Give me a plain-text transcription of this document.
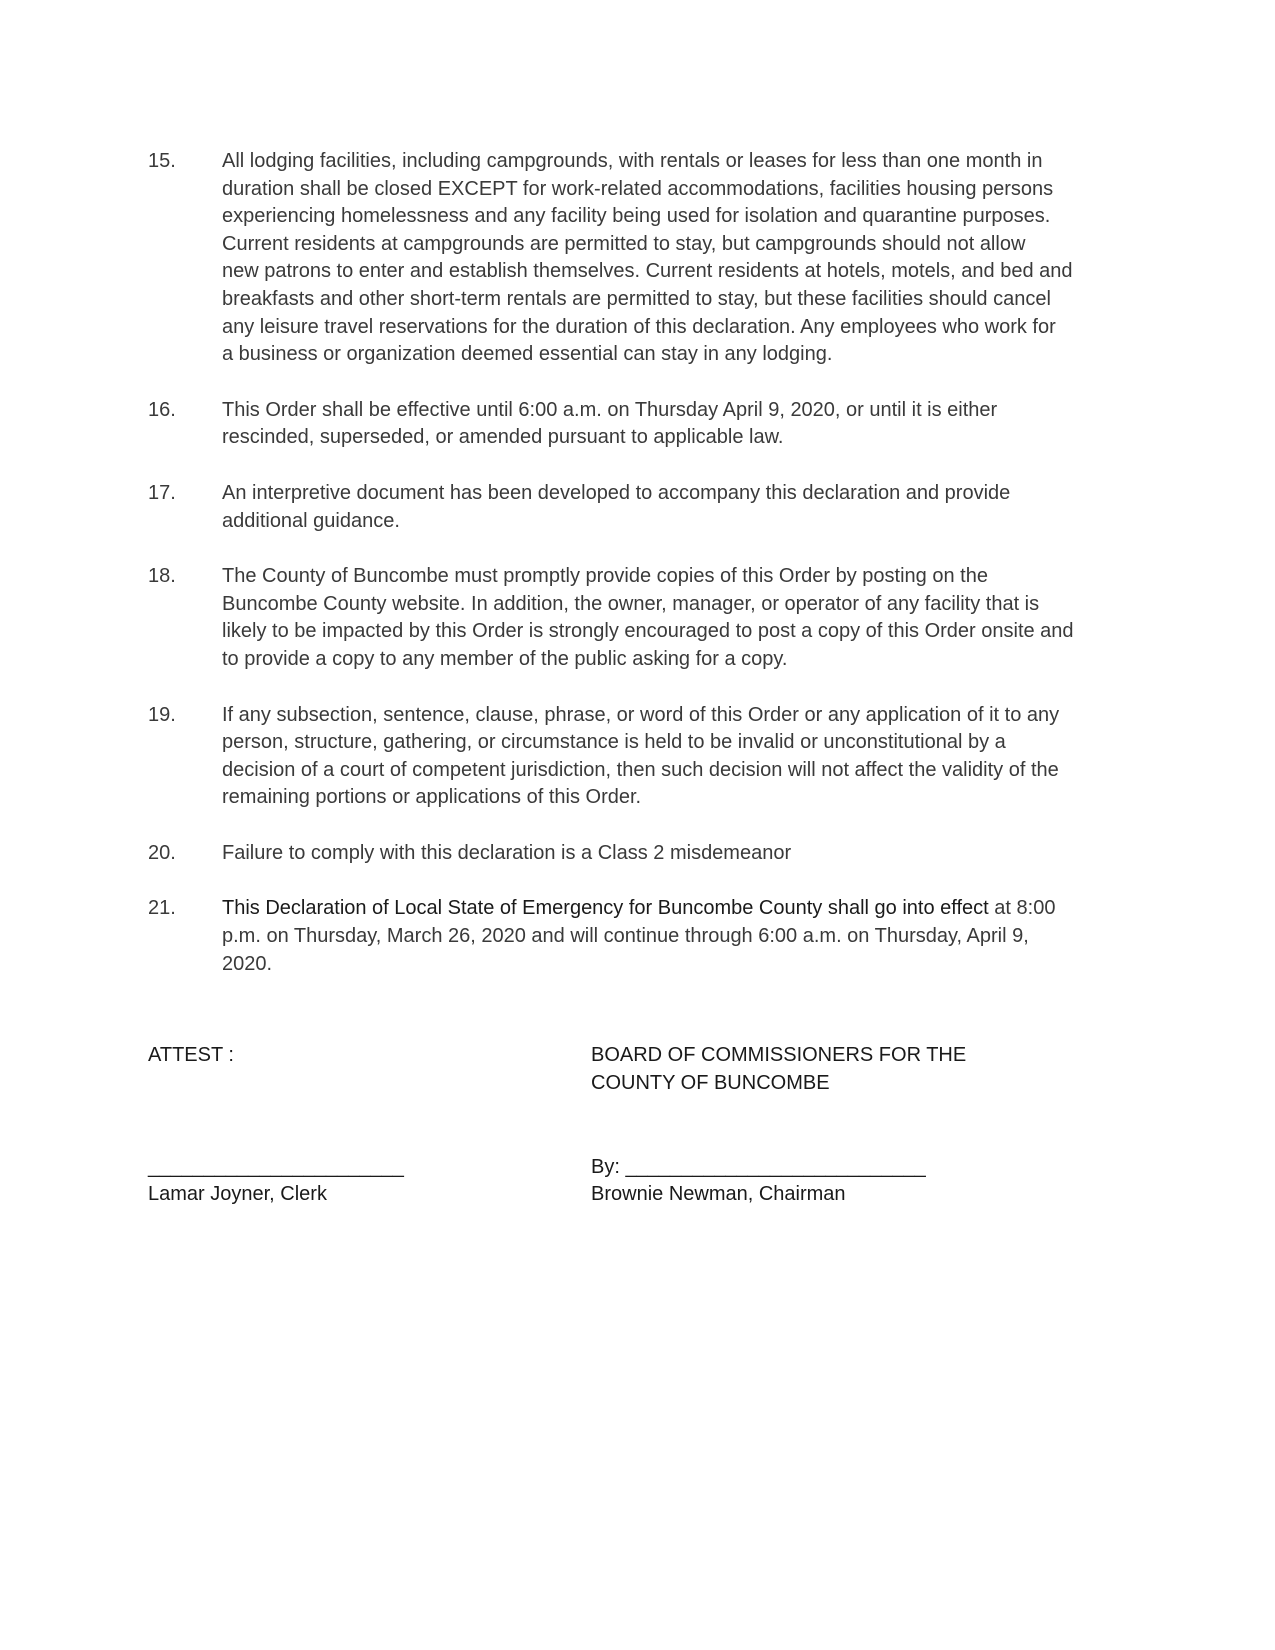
15.	All lodging facilities, including campgrounds, with rentals or leases for less than one month in
duration shall be closed EXCEPT for work-related accommodations, facilities housing persons
experiencing homelessness and any facility being used for isolation and quarantine purposes.
Current residents at campgrounds are permitted to stay, but campgrounds should not allow
new patrons to enter and establish themselves. Current residents at hotels, motels, and bed and
breakfasts and other short-term rentals are permitted to stay, but these facilities should cancel
any leisure travel reservations for the duration of this declaration. Any employees who work for
a business or organization deemed essential can stay in any lodging.
16.	This Order shall be effective until 6:00 a.m. on Thursday April 9, 2020, or until it is either
rescinded, superseded, or amended pursuant to applicable law.
17.	An interpretive document has been developed to accompany this declaration and provide
additional guidance.
18.	The County of Buncombe must promptly provide copies of this Order by posting on the
Buncombe County website. In addition, the owner, manager, or operator of any facility that is
likely to be impacted by this Order is strongly encouraged to post a copy of this Order onsite and
to provide a copy to any member of the public asking for a copy.
19.	If any subsection, sentence, clause, phrase, or word of this Order or any application of it to any
person, structure, gathering, or circumstance is held to be invalid or unconstitutional by a
decision of a court of competent jurisdiction, then such decision will not affect the validity of the
remaining portions or applications of this Order.
20.	Failure to comply with this declaration is a Class 2 misdemeanor
21.	This Declaration of Local State of Emergency for Buncombe County shall go into effect at 8:00
p.m. on Thursday, March 26, 2020 and will continue through 6:00 a.m. on Thursday, April 9,
2020.
ATTEST :	BOARD OF COMMISSIONERS FOR THE
COUNTY OF BUNCOMBE
_______________________	By: ___________________________
Lamar Joyner, Clerk	Brownie Newman, Chairman
